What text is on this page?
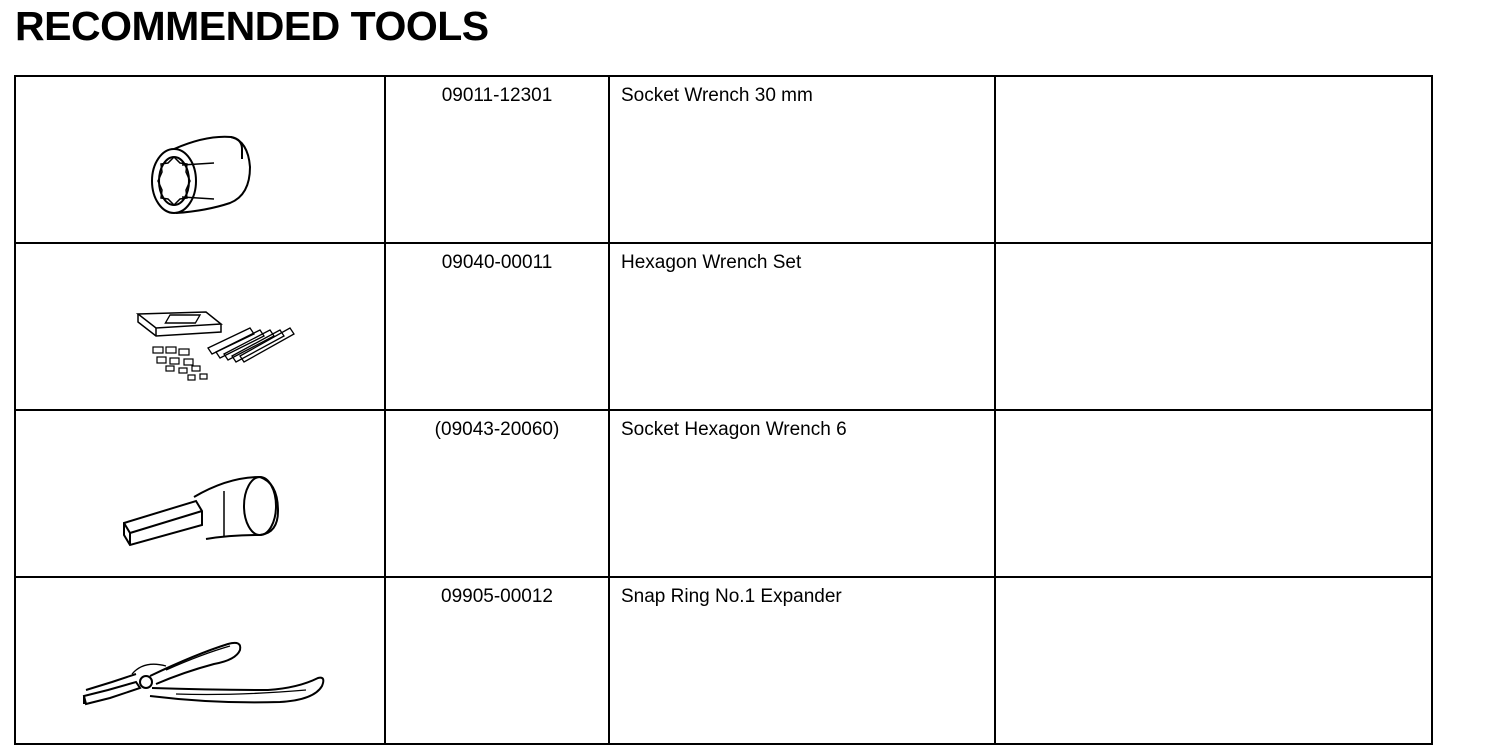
RECOMMENDED TOOLS
	09011-12301	Socket Wrench 30 mm	

	09040-00011	Hexagon Wrench Set	

	(09043-20060)	Socket Hexagon Wrench 6	

	09905-00012	Snap Ring No.1 Expander	
